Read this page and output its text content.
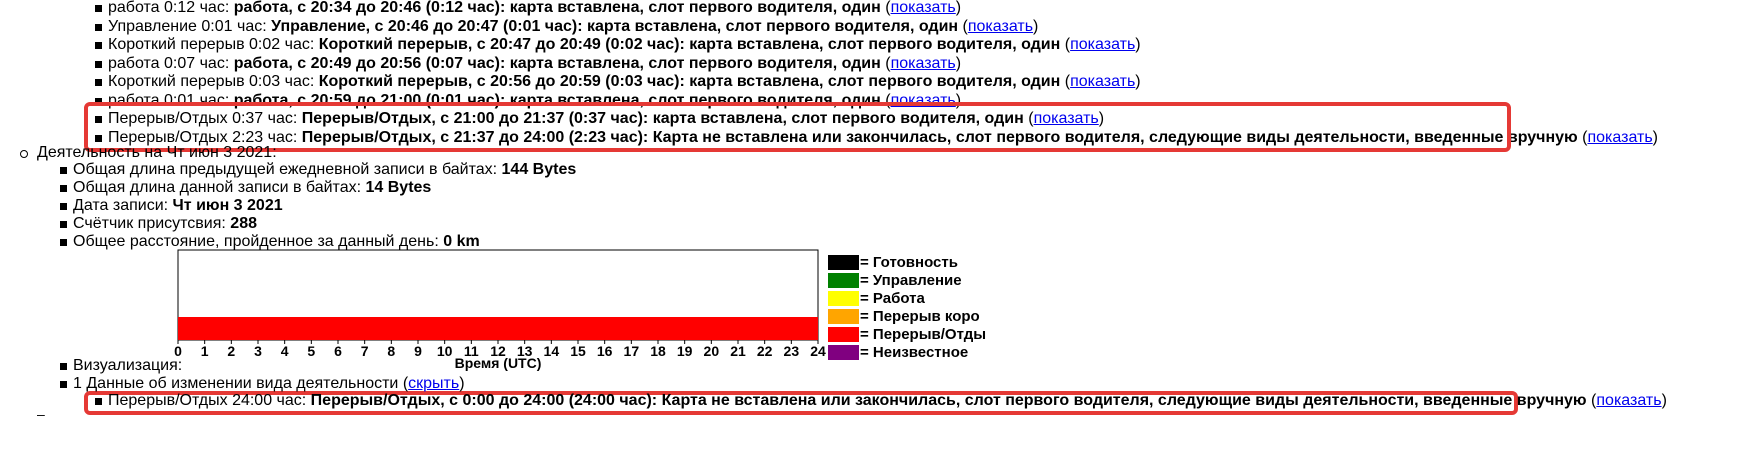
работа 0:12 час: работа, с 20:34 до 20:46 (0:12 час): карта вставлена, слот первого водителя, один (показать)
Управление 0:01 час: Управление, с 20:46 до 20:47 (0:01 час): карта вставлена, слот первого водителя, один (показать)
Короткий перерыв 0:02 час: Короткий перерыв, с 20:47 до 20:49 (0:02 час): карта вставлена, слот первого водителя, один (показать)
работа 0:07 час: работа, с 20:49 до 20:56 (0:07 час): карта вставлена, слот первого водителя, один (показать)
Короткий перерыв 0:03 час: Короткий перерыв, с 20:56 до 20:59 (0:03 час): карта вставлена, слот первого водителя, один (показать)
работа 0:01 час: работа, с 20:59 до 21:00 (0:01 час): карта вставлена, слот первого водителя, один (показать)
Перерыв/Отдых 0:37 час: Перерыв/Отдых, с 21:00 до 21:37 (0:37 час): карта вставлена, слот первого водителя, один (показать)
Перерыв/Отдых 2:23 час: Перерыв/Отдых, с 21:37 до 24:00 (2:23 час): Карта не вставлена или закончилась, слот первого водителя, следующие виды деятельности, введенные вручную (показать)
Деятельность на Чт июн 3 2021:
Общая длина предыдущей ежедневной записи в байтах: 144 Bytes
Общая длина данной записи в байтах: 14 Bytes
Дата записи: Чт июн 3 2021
Счётчик присутсвия: 288
Общее расстояние, пройденное за данный день: 0 km
0 1 2 3 4 5 6 7 8 9 10 11 12 13 14 15 16 17 18 19 20 21 22 23 24
Время (UTC)
= Готовность
= Управление
= Работа
= Перерыв коро
= Перерыв/Отды
= Неизвестное
Визуализация:
1 Данные об изменении вида деятельности (скрыть)
Перерыв/Отдых 24:00 час: Перерыв/Отдых, с 0:00 до 24:00 (24:00 час): Карта не вставлена или закончилась, слот первого водителя, следующие виды деятельности, введенные вручную (показать)
–
